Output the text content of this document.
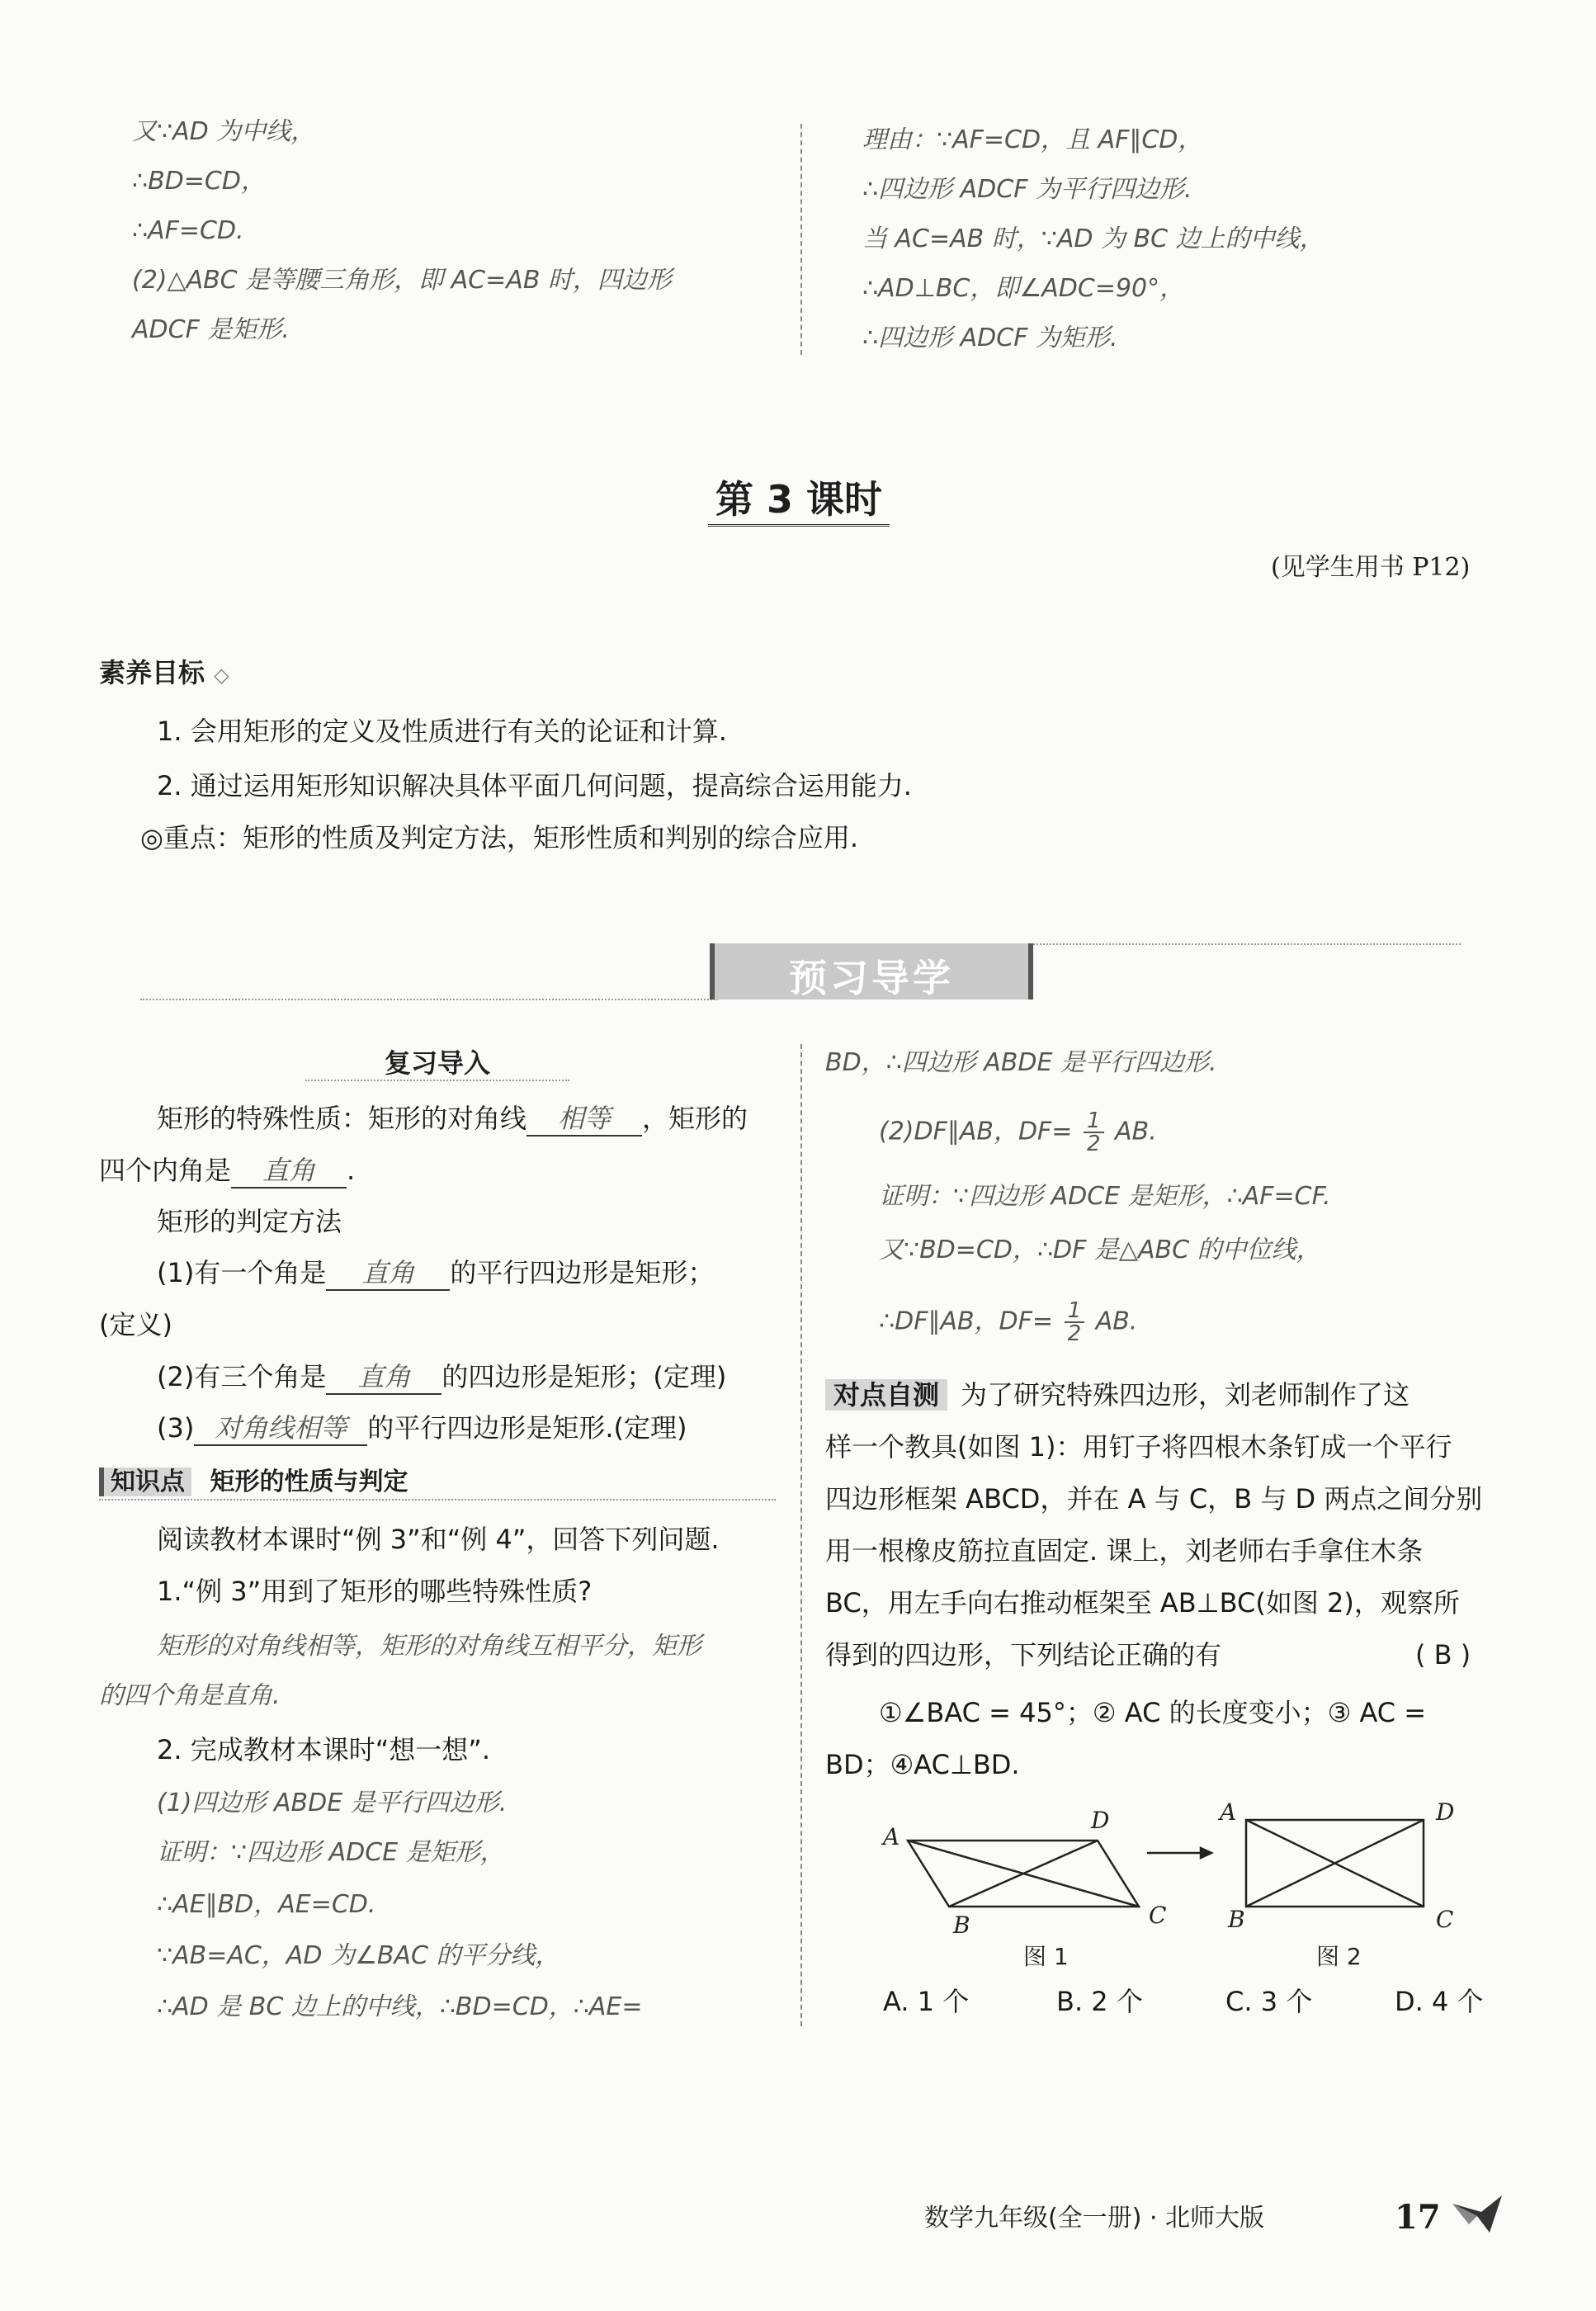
又∵AD 为中线，
∴BD=CD，
∴AF=CD.
(2)△ABC 是等腰三角形，即 AC=AB 时，四边形
ADCF 是矩形.
理由：∵AF=CD，且 AF∥CD，
∴四边形 ADCF 为平行四边形.
当 AC=AB 时，∵AD 为 BC 边上的中线，
∴AD⊥BC，即∠ADC=90°，
∴四边形 ADCF 为矩形.
第 3 课时
(见学生用书 P12)
素养目标 ◇
1. 会用矩形的定义及性质进行有关的论证和计算.
2. 通过运用矩形知识解决具体平面几何问题，提高综合运用能力.
◎重点：矩形的性质及判定方法，矩形性质和判别的综合应用.
预习导学
复习导入
矩形的特殊性质：矩形的对角线 相等 ，矩形的
四个内角是 直角 .
矩形的判定方法
(1)有一个角是 直角 的平行四边形是矩形；
(定义)
(2)有三个角是 直角 的四边形是矩形；(定理)
(3) 对角线相等 的平行四边形是矩形.(定理)
知识点 矩形的性质与判定
阅读教材本课时“例 3”和“例 4”，回答下列问题.
1.“例 3”用到了矩形的哪些特殊性质?
矩形的对角线相等，矩形的对角线互相平分，矩形
的四个角是直角.
2. 完成教材本课时“想一想”.
(1)四边形 ABDE 是平行四边形.
证明：∵四边形 ADCE 是矩形，
∴AE∥BD，AE=CD.
∵AB=AC，AD 为∠BAC 的平分线，
∴AD 是 BC 边上的中线，∴BD=CD，∴AE=
BD，∴四边形 ABDE 是平行四边形.
(2)DF∥AB，$DF= \frac{1}{2}$ AB.
证明：∵四边形 ADCE 是矩形，∴AF=CF.
又∵BD=CD，∴DF 是△ABC 的中位线，
∴DF∥AB，$DF= \frac{1}{2}$ AB.
对点自测 为了研究特殊四边形，刘老师制作了这
样一个教具(如图 1)：用钉子将四根木条钉成一个平行
四边形框架 ABCD，并在 A 与 C，B 与 D 两点之间分别
用一根橡皮筋拉直固定. 课上，刘老师右手拿住木条
BC，用左手向右推动框架至 AB⊥BC(如图 2)，观察所
得到的四边形，下列结论正确的有	( B )
①∠BAC = 45°；② AC 的长度变小；③ AC =
BD；④AC⊥BD.
A
D
B	C
A	D
B	C
图 1	图 2
A. 1 个	B. 2 个	C. 3 个	D. 4 个
数学九年级(全一册) · 北师大版	17
